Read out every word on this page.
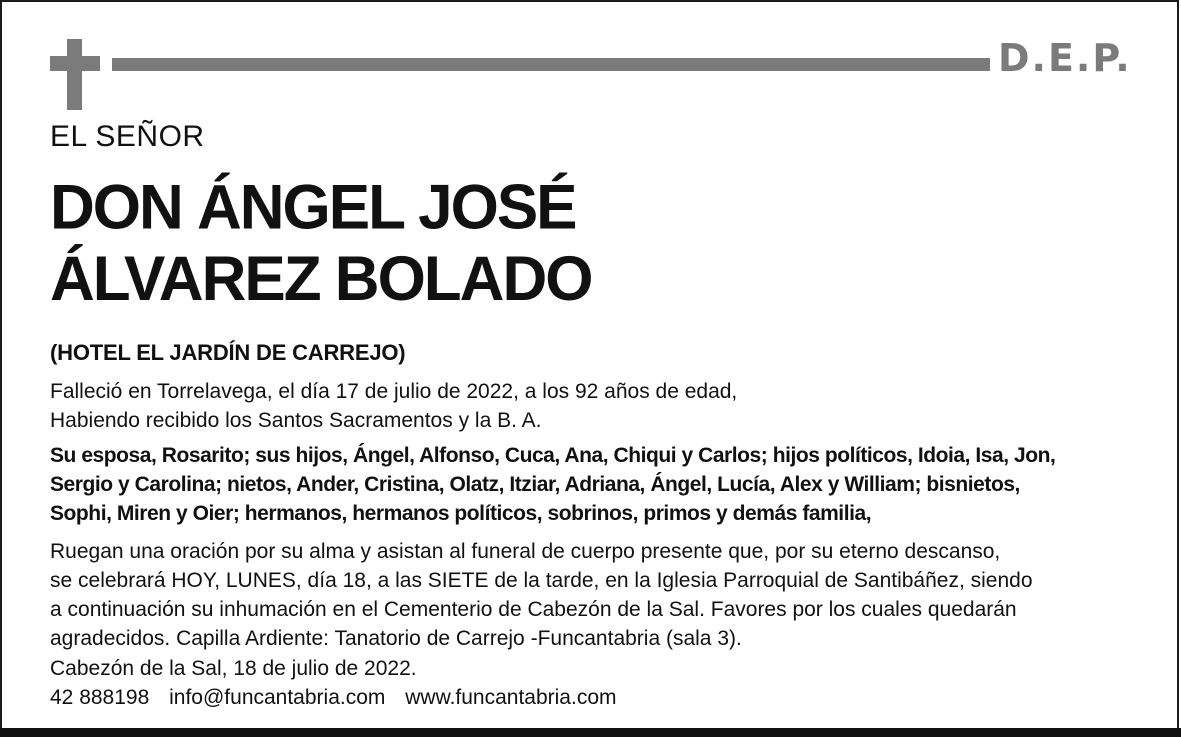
D.E.P.
EL SEÑOR
DON ÁNGEL JOSÉ
ÁLVAREZ BOLADO
(HOTEL EL JARDÍN DE CARREJO)
Falleció en Torrelavega, el día 17 de julio de 2022, a los 92 años de edad,
Habiendo recibido los Santos Sacramentos y la B. A.
Su esposa, Rosarito; sus hijos, Ángel, Alfonso, Cuca, Ana, Chiqui y Carlos; hijos políticos, Idoia, Isa, Jon,
Sergio y Carolina; nietos, Ander, Cristina, Olatz, Itziar, Adriana, Ángel, Lucía, Alex y William; bisnietos,
Sophi, Miren y Oier; hermanos, hermanos políticos, sobrinos, primos y demás familia,
Ruegan una oración por su alma y asistan al funeral de cuerpo presente que, por su eterno descanso,
se celebrará HOY, LUNES, día 18, a las SIETE de la tarde, en la Iglesia Parroquial de Santibáñez, siendo
a continuación su inhumación en el Cementerio de Cabezón de la Sal. Favores por los cuales quedarán
agradecidos. Capilla Ardiente: Tanatorio de Carrejo -Funcantabria (sala 3).
Cabezón de la Sal, 18 de julio de 2022.
42 888198 info@funcantabria.com www.funcantabria.com
